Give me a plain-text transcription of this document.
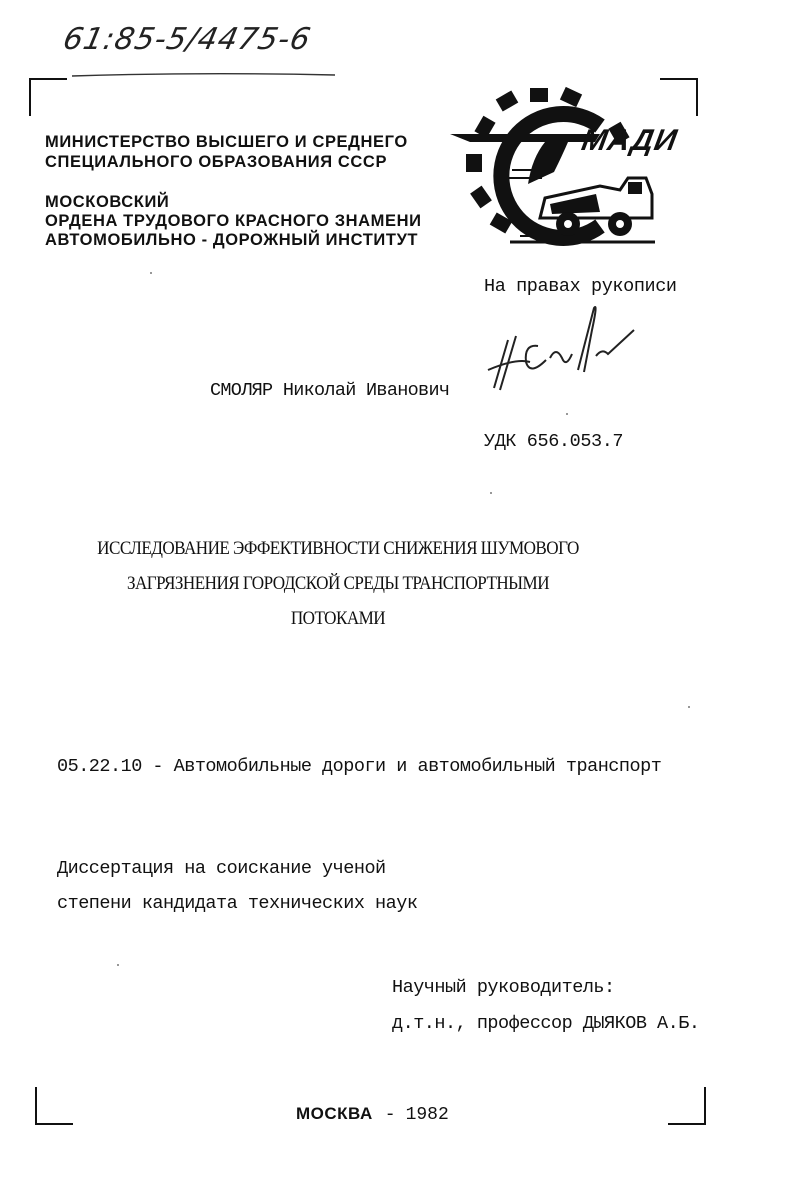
61:85-5/4475-6
МИНИСТЕРСТВО ВЫСШЕГО И СРЕДНЕГО
СПЕЦИАЛЬНОГО ОБРАЗОВАНИЯ СССР
МОСКОВСКИЙ
ОРДЕНА ТРУДОВОГО КРАСНОГО ЗНАМЕНИ
АВТОМОБИЛЬНО - ДОРОЖНЫЙ ИНСТИТУТ
МАДИ
На правах рукописи
СМОЛЯР Николай Иванович
УДК 656.053.7
ИССЛЕДОВАНИЕ ЭФФЕКТИВНОСТИ СНИЖЕНИЯ ШУМОВОГО
ЗАГРЯЗНЕНИЯ ГОРОДСКОЙ СРЕДЫ ТРАНСПОРТНЫМИ
ПОТОКАМИ
05.22.10 - Автомобильные дороги и автомобильный транспорт
Диссертация на соискание ученой
степени кандидата технических наук
Научный руководитель:
д.т.н., профессор ДЫЯКОВ А.Б.
МОСКВА - 1982
